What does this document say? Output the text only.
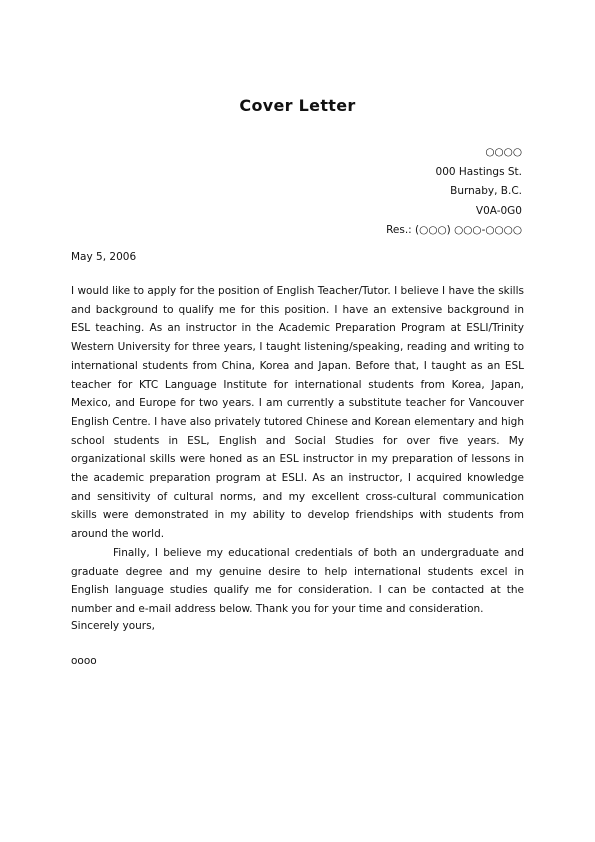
Cover Letter
○○○○
000 Hastings St.
Burnaby, B.C.
V0A-0G0
Res.: (○○○) ○○○-○○○○
May 5, 2006

I would like to apply for the position of English Teacher/Tutor. I believe I have the skills and background to qualify me for this position. I have an extensive background in ESL teaching. As an instructor in the Academic Preparation Program at ESLI/Trinity Western University for three years, I taught listening/speaking, reading and writing to international students from China, Korea and Japan. Before that, I taught as an ESL teacher for KTC Language Institute for international students from Korea, Japan, Mexico, and Europe for two years. I am currently a substitute teacher for Vancouver English Centre. I have also privately tutored Chinese and Korean elementary and high school students in ESL, English and Social Studies for over five years. My organizational skills were honed as an ESL instructor in my preparation of lessons in the academic preparation program at ESLI. As an instructor, I acquired knowledge and sensitivity of cultural norms, and my excellent cross-cultural communication skills were demonstrated in my ability to develop friendships with students from around the world.

Finally, I believe my educational credentials of both an undergraduate and graduate degree and my genuine desire to help international students excel in English language studies qualify me for consideration. I can be contacted at the number and e-mail address below. Thank you for your time and consideration.

Sincerely yours,
oooo
